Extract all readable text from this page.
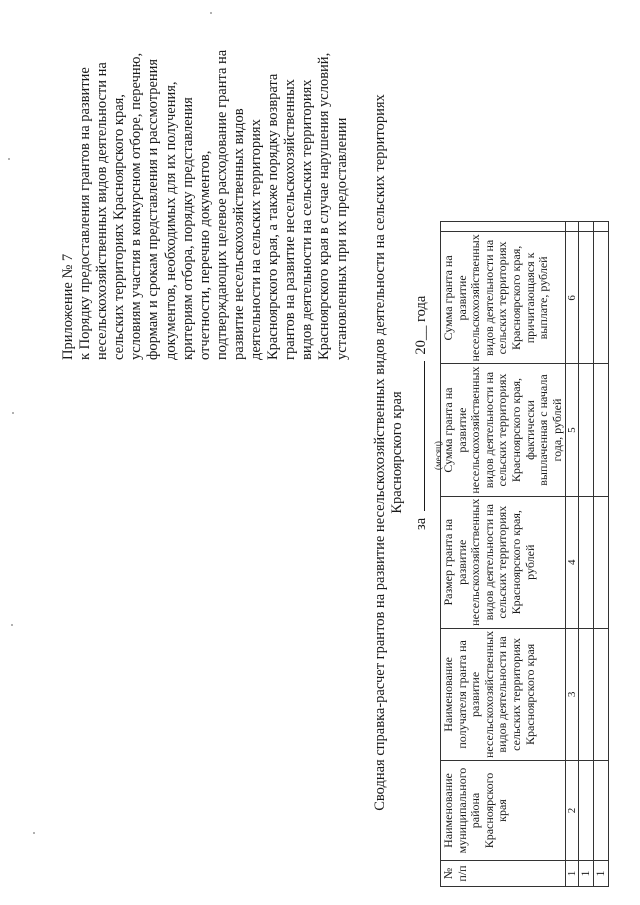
Приложение № 7 к Порядку предоставления грантов на развитие несельскохозяйственных видов деятельности на сельских территориях Красноярского края, условиям участия в конкурсном отборе, перечню, формам и срокам представления и рассмотрения документов, необходимых для их получения, критериям отбора, порядку представления отчетности, перечню документов, подтверждающих целевое расходование гранта на развитие несельскохозяйственных видов деятельности на сельских территориях Красноярского края, а также порядку возврата грантов на развитие несельскохозяйственных видов деятельности на сельских территориях Красноярского края в случае нарушения условий, установленных при их предоставлении Сводная справка-расчет грантов на развитие несельскохозяйственных видов деятельности на сельских территориях Красноярского края
за  20__ года
(месяц)
№ п/п	Наименование муниципального района Красноярского края	Наименование получателя гранта на развитие несельскохозяйственных видов деятельности на сельских территориях Красноярского края	Размер гранта на развитие несельскохозяйственных видов деятельности на сельских территориях Красноярского края, рублей	Сумма гранта на развитие несельскохозяйственных видов деятельности на сельских территориях Красноярского края, фактически выплаченная с начала года, рублей	Сумма гранта на развитие несельскохозяйственных видов деятельности на сельских территориях Красноярского края, причитающаяся к выплате, рублей	
1	2	3	4	5	6	
1						
1						
